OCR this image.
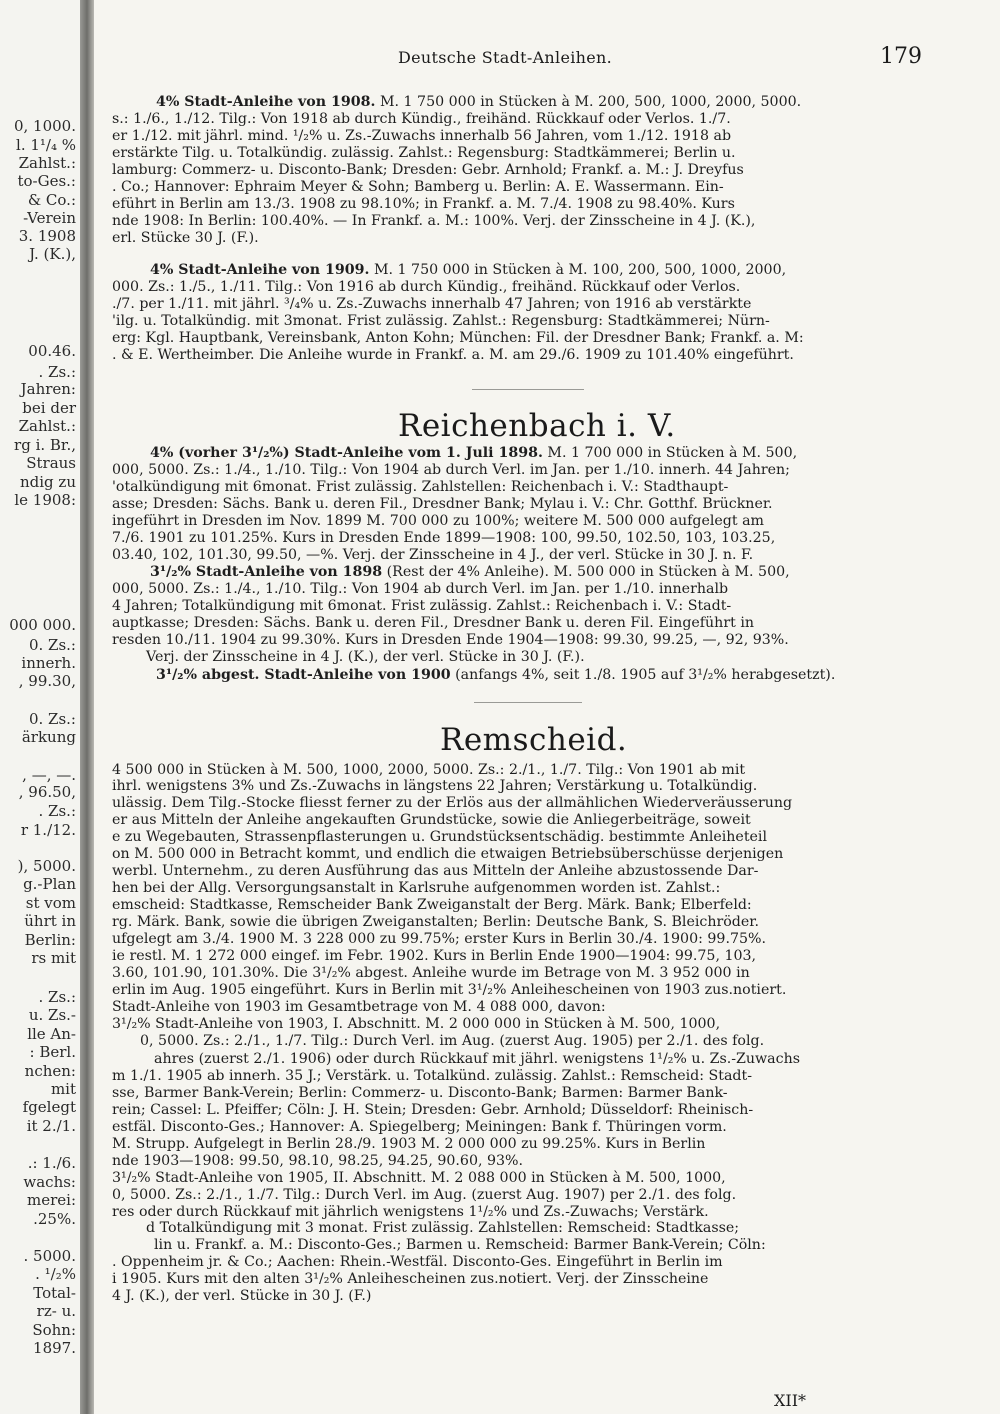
0, 1000.
l. 1¹/₄ %
Zahlst.:
to-Ges.:
& Co.:
-Verein
3. 1908
J. (K.),
00.46.
. Zs.:
Jahren:
bei der
Zahlst.:
rg i. Br.,
Straus
ndig zu
le 1908:
000 000.
0. Zs.:
innerh.
, 99.30,
0. Zs.:
ärkung
, —, —.
, 96.50,
. Zs.:
r 1./12.
), 5000.
g.-Plan
st vom
ührt in
Berlin:
rs mit
. Zs.:
u. Zs.-
lle An-
: Berl.
nchen:
mit
fgelegt
it 2./1.
.: 1./6.
wachs:
merei:
.25%.
. 5000.
. ¹/₂%
Total-
rz- u.
Sohn:
1897.
Deutsche Stadt-Anleihen.	179
Reichenbach i. V.
Remscheid.
XII*
4% Stadt-Anleihe von 1908. M. 1 750 000 in Stücken à M. 200, 500, 1000, 2000, 5000.
s.: 1./6., 1./12. Tilg.: Von 1918 ab durch Kündig., freihänd. Rückkauf oder Verlos. 1./7.
er 1./12. mit jährl. mind. ¹/₂% u. Zs.-Zuwachs innerhalb 56 Jahren, vom 1./12. 1918 ab
erstärkte Tilg. u. Totalkündig. zulässig. Zahlst.: Regensburg: Stadtkämmerei; Berlin u.
lamburg: Commerz- u. Disconto-Bank; Dresden: Gebr. Arnhold; Frankf. a. M.: J. Dreyfus
. Co.; Hannover: Ephraim Meyer & Sohn; Bamberg u. Berlin: A. E. Wassermann. Ein-
eführt in Berlin am 13./3. 1908 zu 98.10%; in Frankf. a. M. 7./4. 1908 zu 98.40%. Kurs
nde 1908: In Berlin: 100.40%. — In Frankf. a. M.: 100%. Verj. der Zinsscheine in 4 J. (K.),
erl. Stücke 30 J. (F.).
4% Stadt-Anleihe von 1909. M. 1 750 000 in Stücken à M. 100, 200, 500, 1000, 2000,
000. Zs.: 1./5., 1./11. Tilg.: Von 1916 ab durch Kündig., freihänd. Rückkauf oder Verlos.
./7. per 1./11. mit jährl. ³/₄% u. Zs.-Zuwachs innerhalb 47 Jahren; von 1916 ab verstärkte
'ilg. u. Totalkündig. mit 3monat. Frist zulässig. Zahlst.: Regensburg: Stadtkämmerei; Nürn-
erg: Kgl. Hauptbank, Vereinsbank, Anton Kohn; München: Fil. der Dresdner Bank; Frankf. a. M:
. & E. Wertheimber. Die Anleihe wurde in Frankf. a. M. am 29./6. 1909 zu 101.40% eingeführt.
4% (vorher 3¹/₂%) Stadt-Anleihe vom 1. Juli 1898. M. 1 700 000 in Stücken à M. 500,
000, 5000. Zs.: 1./4., 1./10. Tilg.: Von 1904 ab durch Verl. im Jan. per 1./10. innerh. 44 Jahren;
'otalkündigung mit 6monat. Frist zulässig. Zahlstellen: Reichenbach i. V.: Stadthaupt-
asse; Dresden: Sächs. Bank u. deren Fil., Dresdner Bank; Mylau i. V.: Chr. Gotthf. Brückner.
ingeführt in Dresden im Nov. 1899 M. 700 000 zu 100%; weitere M. 500 000 aufgelegt am
7./6. 1901 zu 101.25%. Kurs in Dresden Ende 1899—1908: 100, 99.50, 102.50, 103, 103.25,
03.40, 102, 101.30, 99.50, —%. Verj. der Zinsscheine in 4 J., der verl. Stücke in 30 J. n. F.
3¹/₂% Stadt-Anleihe von 1898 (Rest der 4% Anleihe). M. 500 000 in Stücken à M. 500,
000, 5000. Zs.: 1./4., 1./10. Tilg.: Von 1904 ab durch Verl. im Jan. per 1./10. innerhalb
4 Jahren; Totalkündigung mit 6monat. Frist zulässig. Zahlst.: Reichenbach i. V.: Stadt-
auptkasse; Dresden: Sächs. Bank u. deren Fil., Dresdner Bank u. deren Fil. Eingeführt in
resden 10./11. 1904 zu 99.30%. Kurs in Dresden Ende 1904—1908: 99.30, 99.25, —, 92, 93%.
Verj. der Zinsscheine in 4 J. (K.), der verl. Stücke in 30 J. (F.).
3¹/₂% abgest. Stadt-Anleihe von 1900 (anfangs 4%, seit 1./8. 1905 auf 3¹/₂% herabgesetzt).
4 500 000 in Stücken à M. 500, 1000, 2000, 5000. Zs.: 2./1., 1./7. Tilg.: Von 1901 ab mit
ihrl. wenigstens 3% und Zs.-Zuwachs in längstens 22 Jahren; Verstärkung u. Totalkündig.
ulässig. Dem Tilg.-Stocke fliesst ferner zu der Erlös aus der allmählichen Wiederveräusserung
er aus Mitteln der Anleihe angekauften Grundstücke, sowie die Anliegerbeiträge, soweit
e zu Wegebauten, Strassenpflasterungen u. Grundstücksentschädig. bestimmte Anleiheteil
on M. 500 000 in Betracht kommt, und endlich die etwaigen Betriebsüberschüsse derjenigen
werbl. Unternehm., zu deren Ausführung das aus Mitteln der Anleihe abzustossende Dar-
hen bei der Allg. Versorgungsanstalt in Karlsruhe aufgenommen worden ist. Zahlst.:
emscheid: Stadtkasse, Remscheider Bank Zweiganstalt der Berg. Märk. Bank; Elberfeld:
rg. Märk. Bank, sowie die übrigen Zweiganstalten; Berlin: Deutsche Bank, S. Bleichröder.
ufgelegt am 3./4. 1900 M. 3 228 000 zu 99.75%; erster Kurs in Berlin 30./4. 1900: 99.75%.
ie restl. M. 1 272 000 eingef. im Febr. 1902. Kurs in Berlin Ende 1900—1904: 99.75, 103,
3.60, 101.90, 101.30%. Die 3¹/₂% abgest. Anleihe wurde im Betrage von M. 3 952 000 in
erlin im Aug. 1905 eingeführt. Kurs in Berlin mit 3¹/₂% Anleihescheinen von 1903 zus.notiert.
Stadt-Anleihe von 1903 im Gesamtbetrage von M. 4 088 000, davon:
3¹/₂% Stadt-Anleihe von 1903, I. Abschnitt. M. 2 000 000 in Stücken à M. 500, 1000,
0, 5000. Zs.: 2./1., 1./7. Tilg.: Durch Verl. im Aug. (zuerst Aug. 1905) per 2./1. des folg.
ahres (zuerst 2./1. 1906) oder durch Rückkauf mit jährl. wenigstens 1¹/₂% u. Zs.-Zuwachs
m 1./1. 1905 ab innerh. 35 J.; Verstärk. u. Totalkünd. zulässig. Zahlst.: Remscheid: Stadt-
sse, Barmer Bank-Verein; Berlin: Commerz- u. Disconto-Bank; Barmen: Barmer Bank-
rein; Cassel: L. Pfeiffer; Cöln: J. H. Stein; Dresden: Gebr. Arnhold; Düsseldorf: Rheinisch-
estfäl. Disconto-Ges.; Hannover: A. Spiegelberg; Meiningen: Bank f. Thüringen vorm.
M. Strupp. Aufgelegt in Berlin 28./9. 1903 M. 2 000 000 zu 99.25%. Kurs in Berlin
nde 1903—1908: 99.50, 98.10, 98.25, 94.25, 90.60, 93%.
3¹/₂% Stadt-Anleihe von 1905, II. Abschnitt. M. 2 088 000 in Stücken à M. 500, 1000,
0, 5000. Zs.: 2./1., 1./7. Tilg.: Durch Verl. im Aug. (zuerst Aug. 1907) per 2./1. des folg.
res oder durch Rückkauf mit jährlich wenigstens 1¹/₂% und Zs.-Zuwachs; Verstärk.
d Totalkündigung mit 3 monat. Frist zulässig. Zahlstellen: Remscheid: Stadtkasse;
lin u. Frankf. a. M.: Disconto-Ges.; Barmen u. Remscheid: Barmer Bank-Verein; Cöln:
. Oppenheim jr. & Co.; Aachen: Rhein.-Westfäl. Disconto-Ges. Eingeführt in Berlin im
i 1905. Kurs mit den alten 3¹/₂% Anleihescheinen zus.notiert. Verj. der Zinsscheine
4 J. (K.), der verl. Stücke in 30 J. (F.)
